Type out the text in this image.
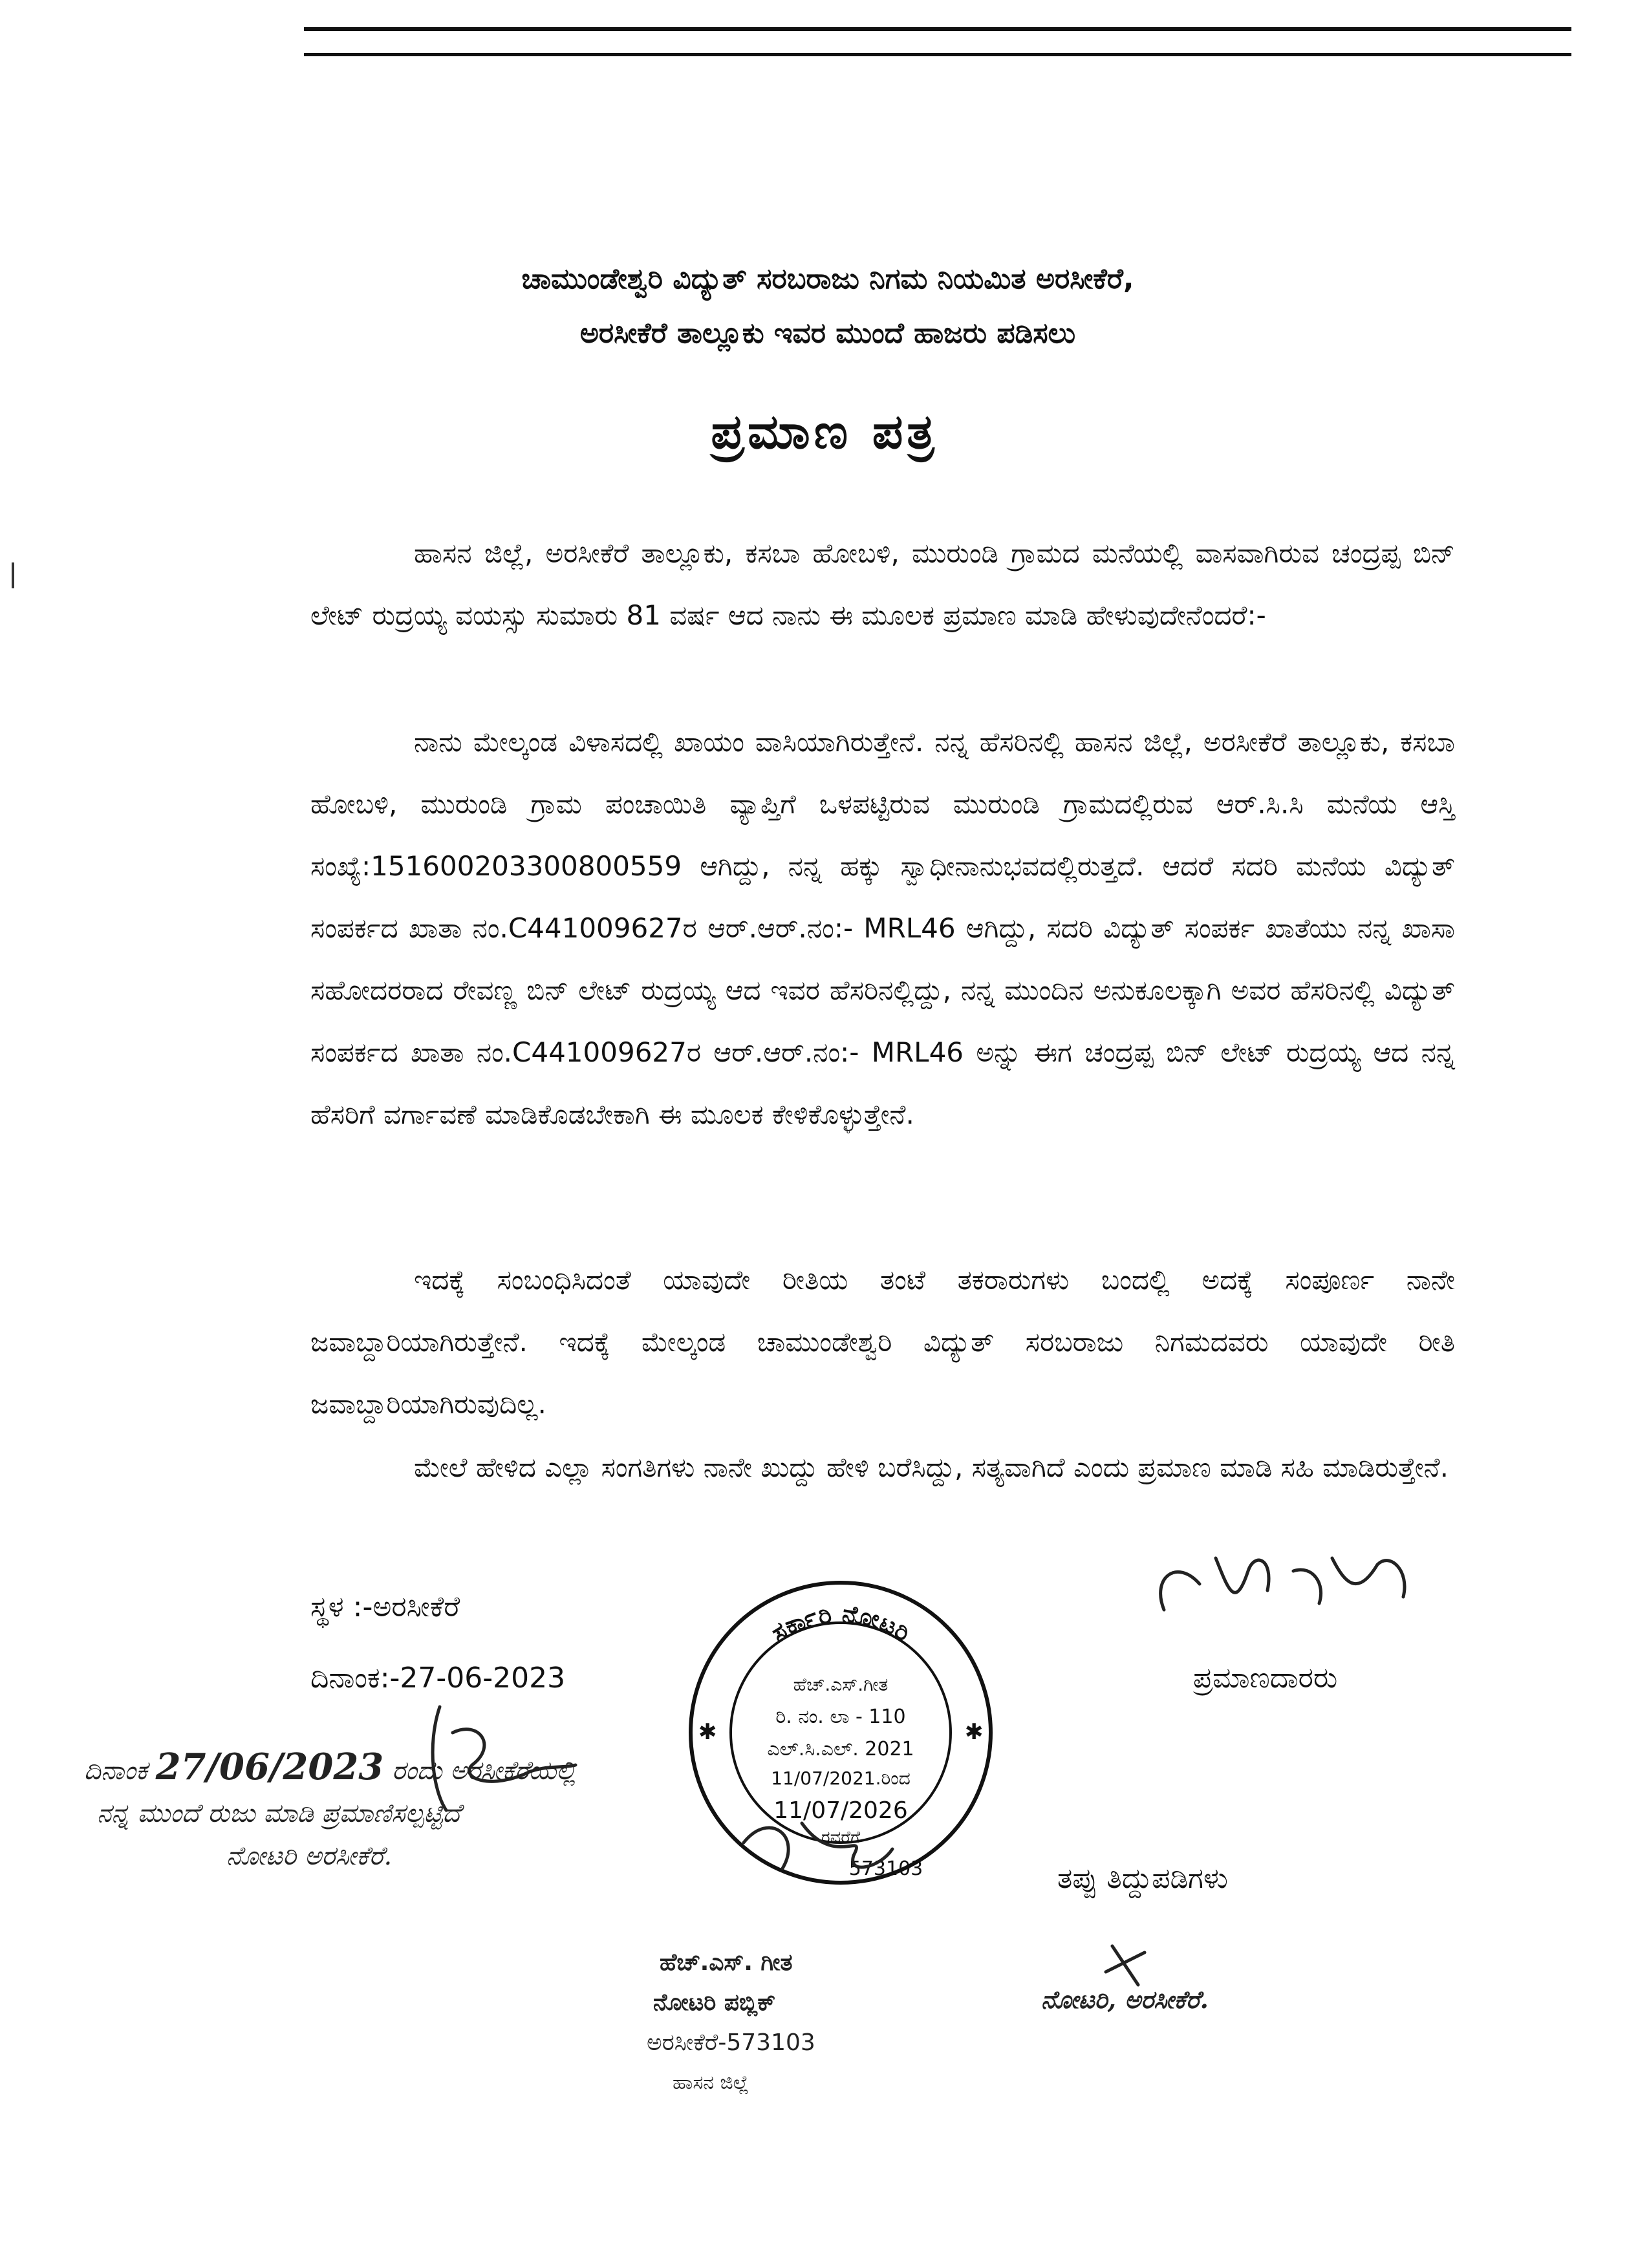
ಚಾಮುಂಡೇಶ್ವರಿ ವಿದ್ಯುತ್ ಸರಬರಾಜು ನಿಗಮ ನಿಯಮಿತ ಅರಸೀಕೆರೆ,
ಅರಸೀಕೆರೆ ತಾಲ್ಲೂಕು ಇವರ ಮುಂದೆ ಹಾಜರು ಪಡಿಸಲು
ಪ್ರಮಾಣ ಪತ್ರ
ಹಾಸನ ಜಿಲ್ಲೆ, ಅರಸೀಕೆರೆ ತಾಲ್ಲೂಕು, ಕಸಬಾ ಹೋಬಳಿ, ಮುರುಂಡಿ ಗ್ರಾಮದ ಮನೆಯಲ್ಲಿ ವಾಸವಾಗಿರುವ ಚಂದ್ರಪ್ಪ ಬಿನ್ ಲೇಟ್ ರುದ್ರಯ್ಯ ವಯಸ್ಸು ಸುಮಾರು 81 ವರ್ಷ ಆದ ನಾನು ಈ ಮೂಲಕ ಪ್ರಮಾಣ ಮಾಡಿ ಹೇಳುವುದೇನೆಂದರೆ:-
ನಾನು ಮೇಲ್ಕಂಡ ವಿಳಾಸದಲ್ಲಿ ಖಾಯಂ ವಾಸಿಯಾಗಿರುತ್ತೇನೆ. ನನ್ನ ಹೆಸರಿನಲ್ಲಿ ಹಾಸನ ಜಿಲ್ಲೆ, ಅರಸೀಕೆರೆ ತಾಲ್ಲೂಕು, ಕಸಬಾ ಹೋಬಳಿ, ಮುರುಂಡಿ ಗ್ರಾಮ ಪಂಚಾಯಿತಿ ವ್ಯಾಪ್ತಿಗೆ ಒಳಪಟ್ಟಿರುವ ಮುರುಂಡಿ ಗ್ರಾಮದಲ್ಲಿರುವ ಆರ್.ಸಿ.ಸಿ ಮನೆಯ ಆಸ್ತಿ ಸಂಖ್ಯೆ:151600203300800559 ಆಗಿದ್ದು, ನನ್ನ ಹಕ್ಕು ಸ್ವಾಧೀನಾನುಭವದಲ್ಲಿರುತ್ತದೆ. ಆದರೆ ಸದರಿ ಮನೆಯ ವಿದ್ಯುತ್ ಸಂಪರ್ಕದ ಖಾತಾ ನಂ.C441009627ರ ಆರ್.ಆರ್.ನಂ:- MRL46 ಆಗಿದ್ದು, ಸದರಿ ವಿದ್ಯುತ್ ಸಂಪರ್ಕ ಖಾತೆಯು ನನ್ನ ಖಾಸಾ ಸಹೋದರರಾದ ರೇವಣ್ಣ ಬಿನ್ ಲೇಟ್ ರುದ್ರಯ್ಯ ಆದ ಇವರ ಹೆಸರಿನಲ್ಲಿದ್ದು, ನನ್ನ ಮುಂದಿನ ಅನುಕೂಲಕ್ಕಾಗಿ ಅವರ ಹೆಸರಿನಲ್ಲಿ ವಿದ್ಯುತ್ ಸಂಪರ್ಕದ ಖಾತಾ ನಂ.C441009627ರ ಆರ್.ಆರ್.ನಂ:- MRL46 ಅನ್ನು ಈಗ ಚಂದ್ರಪ್ಪ ಬಿನ್ ಲೇಟ್ ರುದ್ರಯ್ಯ ಆದ ನನ್ನ ಹೆಸರಿಗೆ ವರ್ಗಾವಣೆ ಮಾಡಿಕೊಡಬೇಕಾಗಿ ಈ ಮೂಲಕ ಕೇಳಿಕೊಳ್ಳುತ್ತೇನೆ.
ಇದಕ್ಕೆ ಸಂಬಂಧಿಸಿದಂತೆ ಯಾವುದೇ ರೀತಿಯ ತಂಟೆ ತಕರಾರುಗಳು ಬಂದಲ್ಲಿ ಅದಕ್ಕೆ ಸಂಪೂರ್ಣ ನಾನೇ ಜವಾಬ್ದಾರಿಯಾಗಿರುತ್ತೇನೆ. ಇದಕ್ಕೆ ಮೇಲ್ಕಂಡ ಚಾಮುಂಡೇಶ್ವರಿ ವಿದ್ಯುತ್ ಸರಬರಾಜು ನಿಗಮದವರು ಯಾವುದೇ ರೀತಿ ಜವಾಬ್ದಾರಿಯಾಗಿರುವುದಿಲ್ಲ.
ಮೇಲೆ ಹೇಳಿದ ಎಲ್ಲಾ ಸಂಗತಿಗಳು ನಾನೇ ಖುದ್ದು ಹೇಳಿ ಬರೆಸಿದ್ದು, ಸತ್ಯವಾಗಿದೆ ಎಂದು ಪ್ರಮಾಣ ಮಾಡಿ ಸಹಿ ಮಾಡಿರುತ್ತೇನೆ.
ಸ್ಥಳ :-ಅರಸೀಕೆರೆ
ದಿನಾಂಕ:-27-06-2023	ಪ್ರಮಾಣದಾರರು
ದಿನಾಂಕ 27/06/2023 ರಂದು ಅರಸೀಕೆರೆಯಲ್ಲಿ
ನನ್ನ ಮುಂದೆ ರುಜು ಮಾಡಿ ಪ್ರಮಾಣಿಸಲ್ಪಟ್ಟಿದೆ
ನೋಟರಿ ಅರಸೀಕೆರೆ.
ಸರ್ಕಾರಿ ನೋಟರಿ
ಹೆಚ್.ಎಸ್.ಗೀತ
ರಿ. ನಂ. ಲಾ - 110
ಎಲ್.ಸಿ.ಎಲ್. 2021
11/07/2021.ರಿಂದ
11/07/2026
ರವರೆಗೆ
573103
✱	✱
ಹೆಚ್.ಎಸ್. ಗೀತ
ನೋಟರಿ ಪಬ್ಲಿಕ್
ಅರಸೀಕೆರೆ-573103
ಹಾಸನ ಜಿಲ್ಲೆ
ತಪ್ಪು ತಿದ್ದುಪಡಿಗಳು
ನೋಟರಿ, ಅರಸೀಕೆರೆ.
